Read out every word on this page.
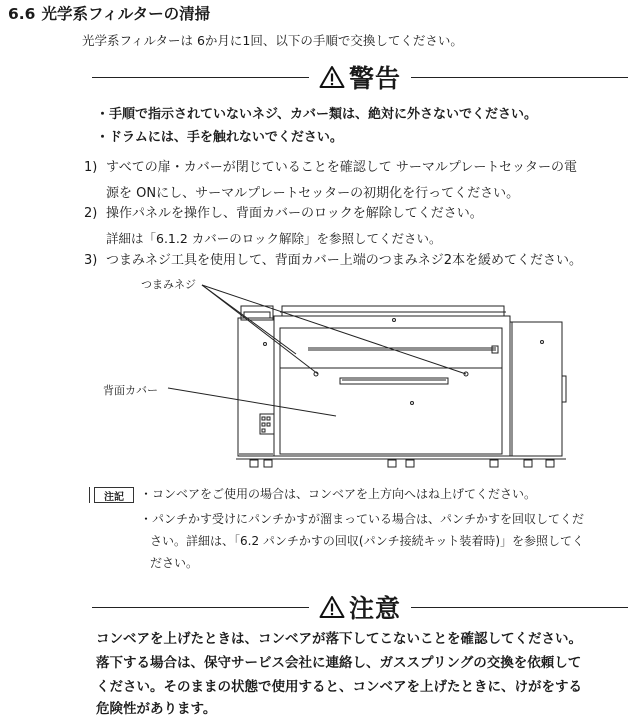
6.6 光学系フィルターの清掃
光学系フィルターは 6か月に1回、以下の手順で交換してください。
警告
・手順で指示されていないネジ、カバー類は、絶対に外さないでください。
・ドラムには、手を触れないでください。
1) すべての扉・カバーが閉じていることを確認して サーマルプレートセッターの電
源を ONにし、サーマルプレートセッターの初期化を行ってください。
2) 操作パネルを操作し、背面カバーのロックを解除してください。
詳細は「6.1.2 カバーのロック解除」を参照してください。
3) つまみネジ工具を使用して、背面カバー上端のつまみネジ2本を緩めてください。
つまみネジ
背面カバー
注記	・コンベアをご使用の場合は、コンベアを上方向へはね上げてください。
・パンチかす受けにパンチかすが溜まっている場合は、パンチかすを回収してくだ
さい。詳細は、「6.2 パンチかすの回収(パンチ接続キット装着時)」を参照してく
ださい。
注意
コンベアを上げたときは、コンベアが落下してこないことを確認してください。
落下する場合は、保守サービス会社に連絡し、ガススプリングの交換を依頼して
ください。そのままの状態で使用すると、コンベアを上げたときに、けがをする
危険性があります。
